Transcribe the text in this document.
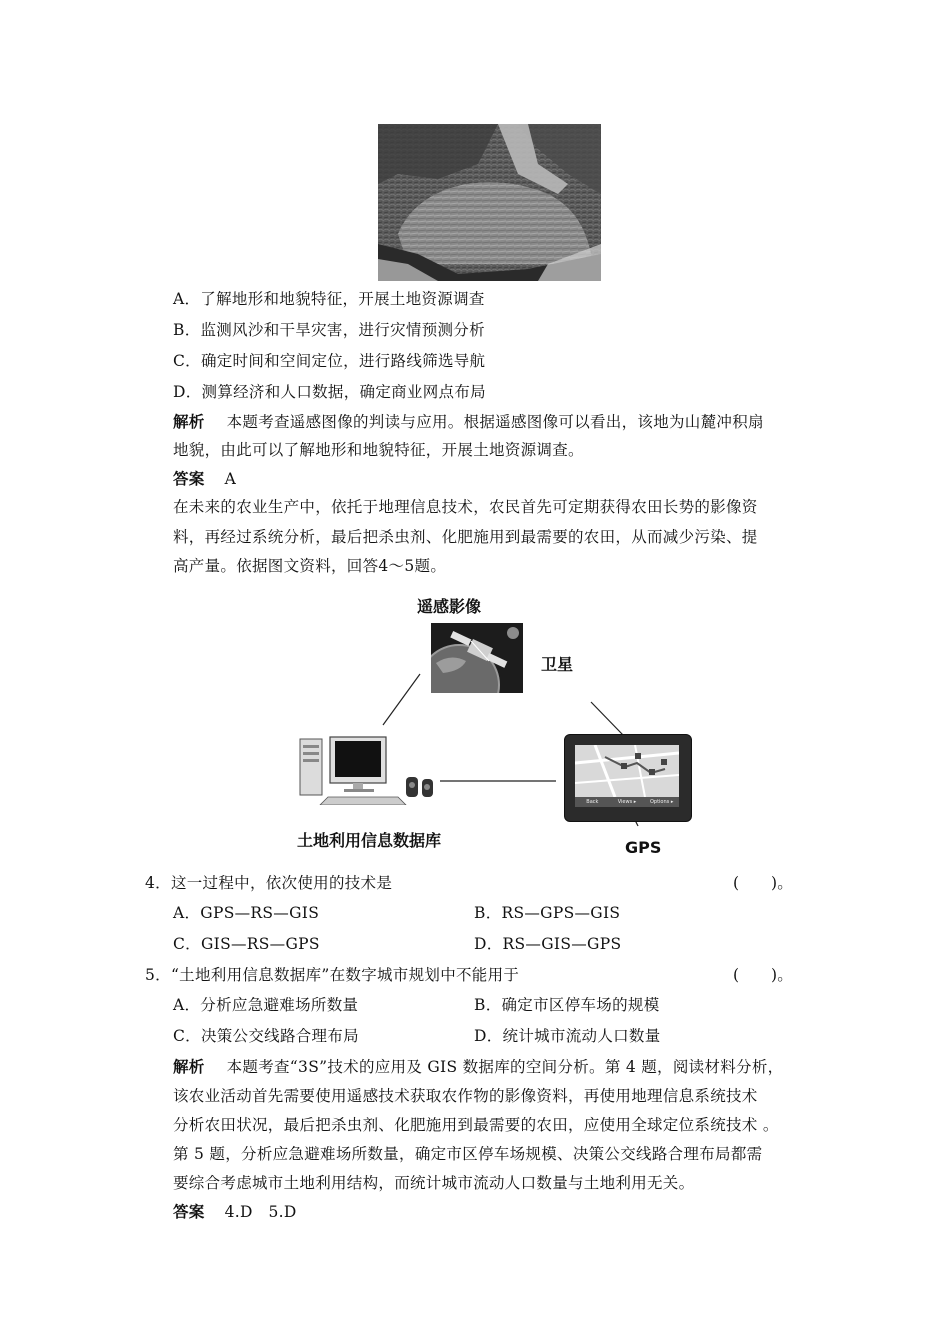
A．了解地形和地貌特征，开展土地资源调查
B．监测风沙和干旱灾害，进行灾情预测分析
C．确定时间和空间定位，进行路线筛选导航
D．测算经济和人口数据，确定商业网点布局
解析 本题考查遥感图像的判读与应用。根据遥感图像可以看出，该地为山麓冲积扇
地貌，由此可以了解地形和地貌特征，开展土地资源调查。
答案 A
在未来的农业生产中，依托于地理信息技术，农民首先可定期获得农田长势的影像资
料，再经过系统分析，最后把杀虫剂、化肥施用到最需要的农田，从而减少污染、提
高产量。依据图文资料，回答4～5题。
遥感影像
卫星
土地利用信息数据库
Back	Views ▸	Options ▸
GPS
4．这一过程中，依次使用的技术是	(　　)。
A．GPS—RS—GIS	B．RS—GPS—GIS
C．GIS—RS—GPS	D．RS—GIS—GPS
5．“土地利用信息数据库”在数字城市规划中不能用于	(　　)。
A．分析应急避难场所数量	B．确定市区停车场的规模
C．决策公交线路合理布局	D．统计城市流动人口数量
解析 本题考查“3S”技术的应用及 GIS 数据库的空间分析。第 4 题，阅读材料分析，
该农业活动首先需要使用遥感技术获取农作物的影像资料，再使用地理信息系统技术
分析农田状况，最后把杀虫剂、化肥施用到最需要的农田，应使用全球定位系统技术 。
第 5 题，分析应急避难场所数量，确定市区停车场规模、决策公交线路合理布局都需
要综合考虑城市土地利用结构，而统计城市流动人口数量与土地利用无关。
答案 4.D　5.D
